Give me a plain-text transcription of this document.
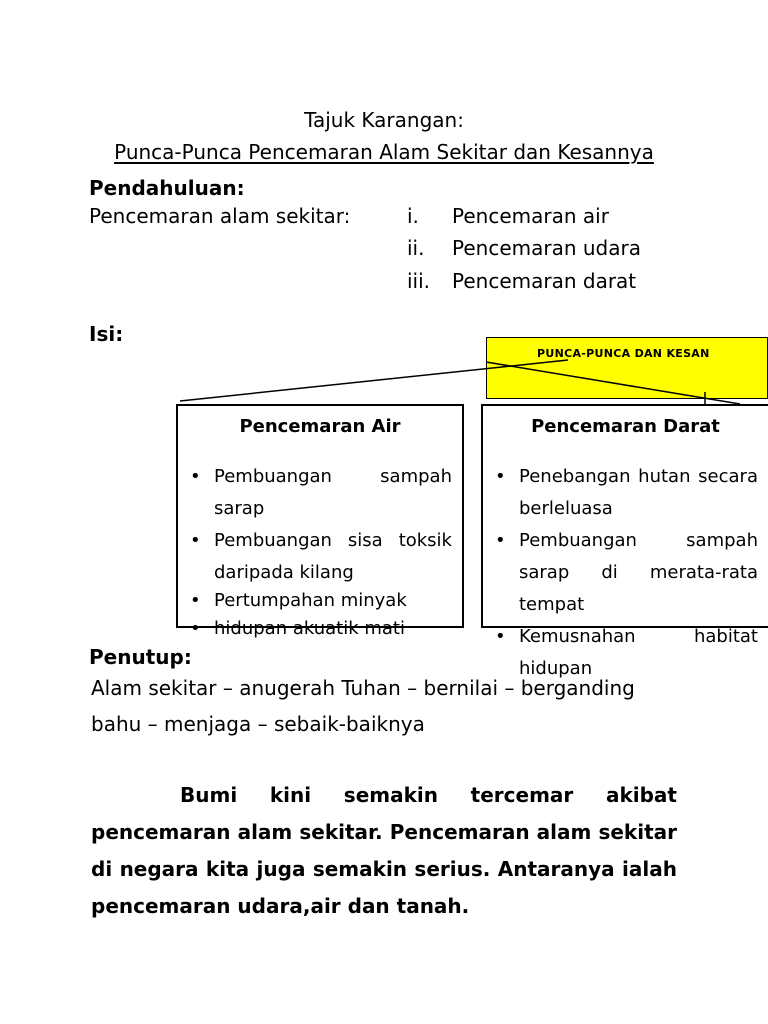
Tajuk Karangan:
Punca-Punca Pencemaran Alam Sekitar dan Kesannya
Pendahuluan:
Pencemaran alam sekitar:	i. Pencemaran air
ii. Pencemaran udara
iii. Pencemaran darat
Isi:
PUNCA-PUNCA DAN KESAN
Pencemaran Air
• Pembuangan sampah sarap
• Pembuangan sisa toksik daripada kilang
• Pertumpahan minyak
• hidupan akuatik mati
Pencemaran Darat
• Penebangan hutan secara berleluasa
• Pembuangan sampah sarap di merata-rata tempat
• Kemusnahan habitat hidupan
Penutup:
Alam sekitar – anugerah Tuhan – bernilai – berganding
bahu – menjaga – sebaik-baiknya

Bumi kini semakin tercemar akibat pencemaran alam sekitar. Pencemaran alam sekitar di negara kita juga semakin serius. Antaranya ialah pencemaran udara,air dan tanah.
